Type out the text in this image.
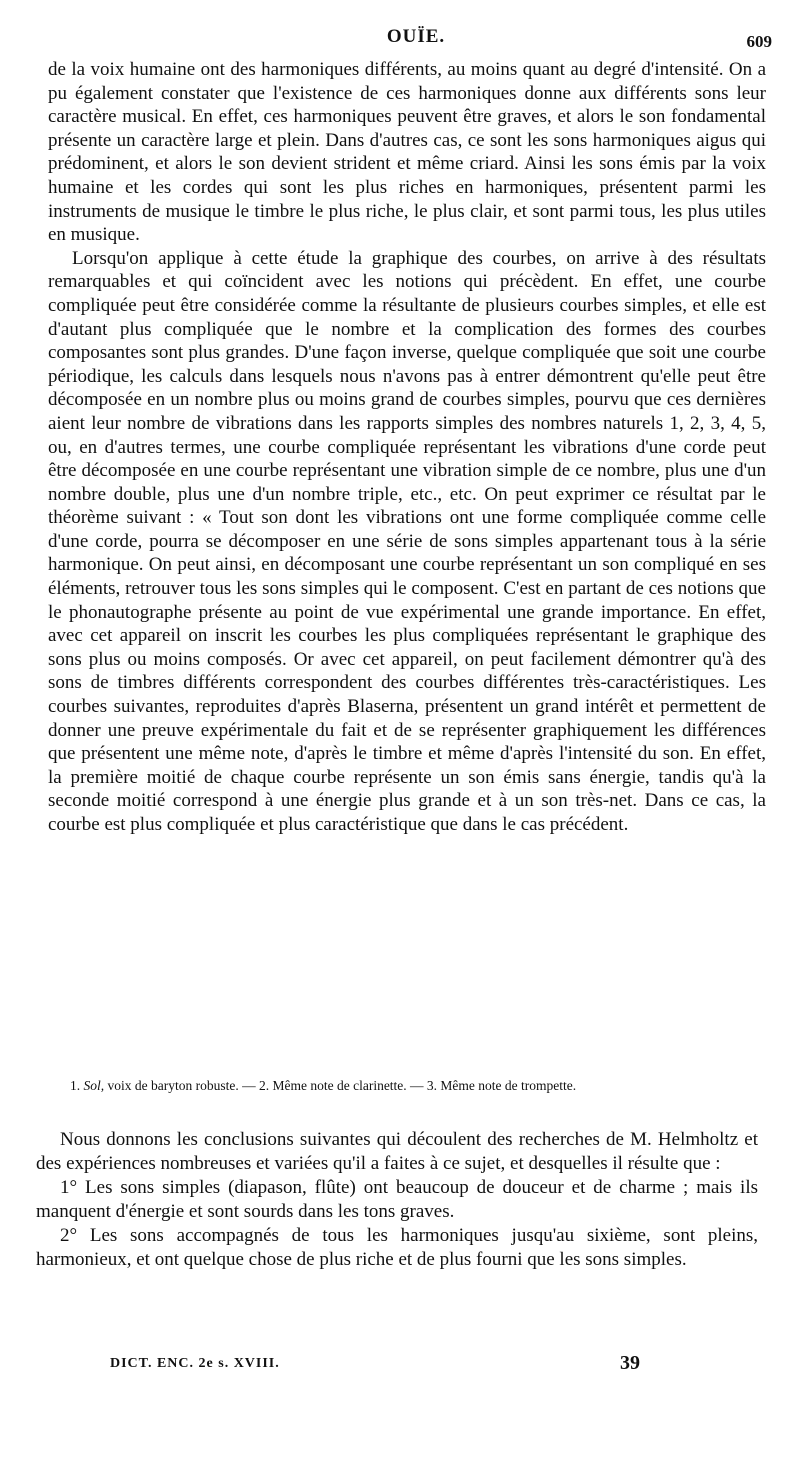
OUÏE.	609

de la voix humaine ont des harmoniques différents, au moins quant au degré d'intensité. On a pu également constater que l'existence de ces harmoniques donne aux différents sons leur caractère musical. En effet, ces harmoniques peuvent être graves, et alors le son fondamental présente un caractère large et plein. Dans d'autres cas, ce sont les sons harmoniques aigus qui prédominent, et alors le son devient strident et même criard. Ainsi les sons émis par la voix humaine et les cordes qui sont les plus riches en harmoniques, présentent parmi les instruments de musique le timbre le plus riche, le plus clair, et sont parmi tous, les plus utiles en musique.

Lorsqu'on applique à cette étude la graphique des courbes, on arrive à des résultats remarquables et qui coïncident avec les notions qui précèdent. En effet, une courbe compliquée peut être considérée comme la résultante de plusieurs courbes simples, et elle est d'autant plus compliquée que le nombre et la complication des formes des courbes composantes sont plus grandes. D'une façon inverse, quelque compliquée que soit une courbe périodique, les calculs dans lesquels nous n'avons pas à entrer démontrent qu'elle peut être décomposée en un nombre plus ou moins grand de courbes simples, pourvu que ces dernières aient leur nombre de vibrations dans les rapports simples des nombres naturels 1, 2, 3, 4, 5, ou, en d'autres termes, une courbe compliquée représentant les vibrations d'une corde peut être décomposée en une courbe représentant une vibration simple de ce nombre, plus une d'un nombre double, plus une d'un nombre triple, etc., etc. On peut exprimer ce résultat par le théorème suivant : « Tout son dont les vibrations ont une forme compliquée comme celle d'une corde, pourra se décomposer en une série de sons simples appartenant tous à la série harmonique. On peut ainsi, en décomposant une courbe représentant un son compliqué en ses éléments, retrouver tous les sons simples qui le composent. C'est en partant de ces notions que le phonautographe présente au point de vue expérimental une grande importance. En effet, avec cet appareil on inscrit les courbes les plus compliquées représentant le graphique des sons plus ou moins composés. Or avec cet appareil, on peut facilement démontrer qu'à des sons de timbres différents correspondent des courbes différentes très-caractéristiques. Les courbes suivantes, reproduites d'après Blaserna, présentent un grand intérêt et permettent de donner une preuve expérimentale du fait et de se représenter graphiquement les différences que présentent une même note, d'après le timbre et même d'après l'intensité du son. En effet, la première moitié de chaque courbe représente un son émis sans énergie, tandis qu'à la seconde moitié correspond à une énergie plus grande et à un son très-net. Dans ce cas, la courbe est plus compliquée et plus caractéristique que dans le cas précédent.

1. Sol, voix de baryton robuste. — 2. Même note de clarinette. — 3. Même note de trompette.

Nous donnons les conclusions suivantes qui découlent des recherches de M. Helmholtz et des expériences nombreuses et variées qu'il a faites à ce sujet, et desquelles il résulte que :

1° Les sons simples (diapason, flûte) ont beaucoup de douceur et de charme ; mais ils manquent d'énergie et sont sourds dans les tons graves.

2° Les sons accompagnés de tous les harmoniques jusqu'au sixième, sont pleins, harmonieux, et ont quelque chose de plus riche et de plus fourni que les sons simples.

DICT. ENC. 2e s. XVIII.	39
